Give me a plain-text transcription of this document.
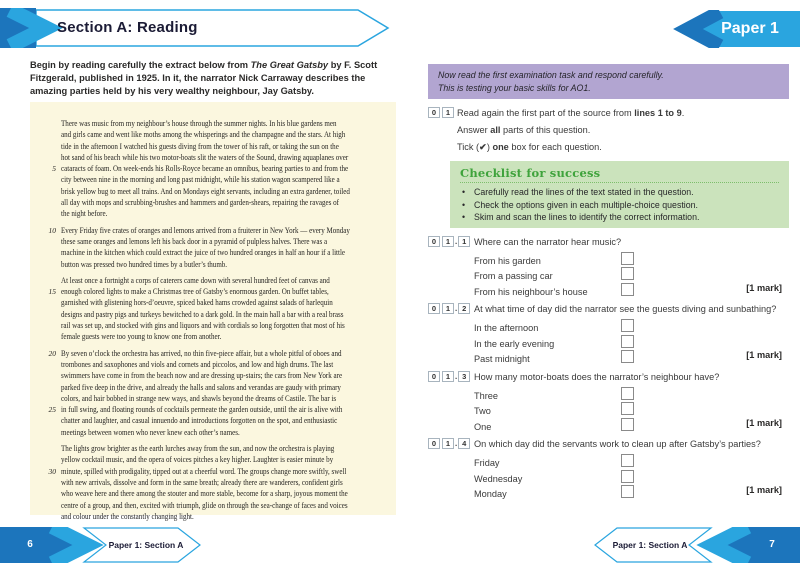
Section A: Reading
Begin by reading carefully the extract below from The Great Gatsby by F. Scott Fitzgerald, published in 1925. In it, the narrator Nick Carraway describes the amazing parties held by his very wealthy neighbour, Jay Gatsby.
There was music from my neighbour’s house through the summer nights. In his blue gardens men
and girls came and went like moths among the whisperings and the champagne and the stars. At high
tide in the afternoon I watched his guests diving from the tower of his raft, or taking the sun on the
hot sand of his beach while his two motor-boats slit the waters of the Sound, drawing aquaplanes over
5 cataracts of foam. On week-ends his Rolls-Royce became an omnibus, bearing parties to and from the
city between nine in the morning and long past midnight, while his station wagon scampered like a
brisk yellow bug to meet all trains. And on Mondays eight servants, including an extra gardener, toiled
all day with mops and scrubbing-brushes and hammers and garden-shears, repairing the ravages of
the night before.
10 Every Friday five crates of oranges and lemons arrived from a fruiterer in New York — every Monday
these same oranges and lemons left his back door in a pyramid of pulpless halves. There was a
machine in the kitchen which could extract the juice of two hundred oranges in half an hour if a little
button was pressed two hundred times by a butler’s thumb.
At least once a fortnight a corps of caterers came down with several hundred feet of canvas and
15 enough colored lights to make a Christmas tree of Gatsby’s enormous garden. On buffet tables,
garnished with glistening hors-d’oeuvre, spiced baked hams crowded against salads of harlequin
designs and pastry pigs and turkeys bewitched to a dark gold. In the main hall a bar with a real brass
rail was set up, and stocked with gins and liquors and with cordials so long forgotten that most of his
female guests were too young to know one from another.
20 By seven o’clock the orchestra has arrived, no thin five-piece affair, but a whole pitful of oboes and
trombones and saxophones and viols and cornets and piccolos, and low and high drums. The last
swimmers have come in from the beach now and are dressing up-stairs; the cars from New York are
parked five deep in the drive, and already the halls and salons and verandas are gaudy with primary
colors, and hair bobbed in strange new ways, and shawls beyond the dreams of Castile. The bar is
25 in full swing, and floating rounds of cocktails permeate the garden outside, until the air is alive with
chatter and laughter, and casual innuendo and introductions forgotten on the spot, and enthusiastic
meetings between women who never knew each other’s names.
The lights grow brighter as the earth lurches away from the sun, and now the orchestra is playing
yellow cocktail music, and the opera of voices pitches a key higher. Laughter is easier minute by
30 minute, spilled with prodigality, tipped out at a cheerful word. The groups change more swiftly, swell
with new arrivals, dissolve and form in the same breath; already there are wanderers, confident girls
who weave here and there among the stouter and more stable, become for a sharp, joyous moment the
centre of a group, and then, excited with triumph, glide on through the sea-change of faces and voices
and colour under the constantly changing light.
6	Paper 1: Section A
Paper 1
Now read the first examination task and respond carefully.
This is testing your basic skills for AO1.
0	1 Read again the first part of the source from lines 1 to 9.
Answer all parts of this question.
Tick (✔) one box for each question.
Checklist for success
•	Carefully read the lines of the text stated in the question.
•	Check the options given in each multiple-choice question.
•	Skim and scan the lines to identify the correct information.
0	1 . 1 Where can the narrator hear music?
From his garden
From a passing car
From his neighbour’s house	[1 mark]
0	1 . 2 At what time of day did the narrator see the guests diving and sunbathing?
In the afternoon
In the early evening
Past midnight	[1 mark]
0	1 . 3 How many motor-boats does the narrator’s neighbour have?
Three
Two
One	[1 mark]
0	1 . 4 On which day did the servants work to clean up after Gatsby’s parties?
Friday
Wednesday
Monday	[1 mark]
Paper 1: Section A	7
